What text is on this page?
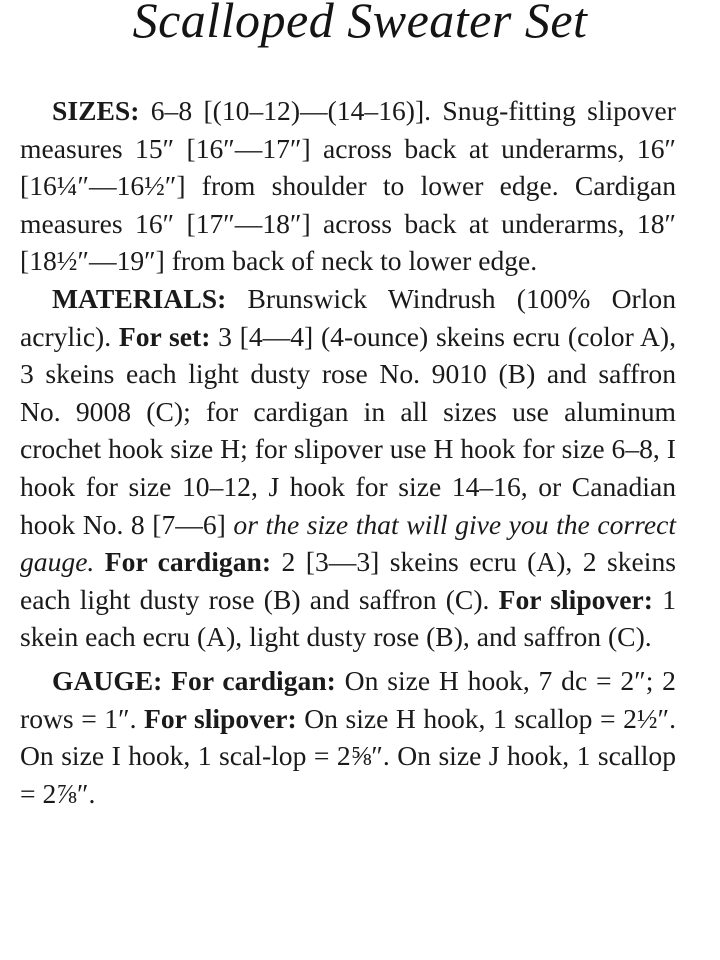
Scalloped Sweater Set

SIZES: 6–8 [(10–12)—(14–16)]. Snug-fitting slipover measures 15″ [16″—17″] across back at underarms, 16″ [16¼″—16½″] from shoulder to lower edge. Cardigan measures 16″ [17″—18″] across back at underarms, 18″ [18½″—19″] from back of neck to lower edge.

MATERIALS: Brunswick Windrush (100% Orlon acrylic). For set: 3 [4—4] (4-ounce) skeins ecru (color A), 3 skeins each light dusty rose No. 9010 (B) and saffron No. 9008 (C); for cardigan in all sizes use aluminum crochet hook size H; for slipover use H hook for size 6–8, I hook for size 10–12, J hook for size 14–16, or Canadian hook No. 8 [7—6] or the size that will give you the correct gauge. For cardigan: 2 [3—3] skeins ecru (A), 2 skeins each light dusty rose (B) and saffron (C). For slipover: 1 skein each ecru (A), light dusty rose (B), and saffron (C).

GAUGE: For cardigan: On size H hook, 7 dc = 2″; 2 rows = 1″. For slipover: On size H hook, 1 scallop = 2½″. On size I hook, 1 scal-lop = 2⅝″. On size J hook, 1 scallop = 2⅞″.
